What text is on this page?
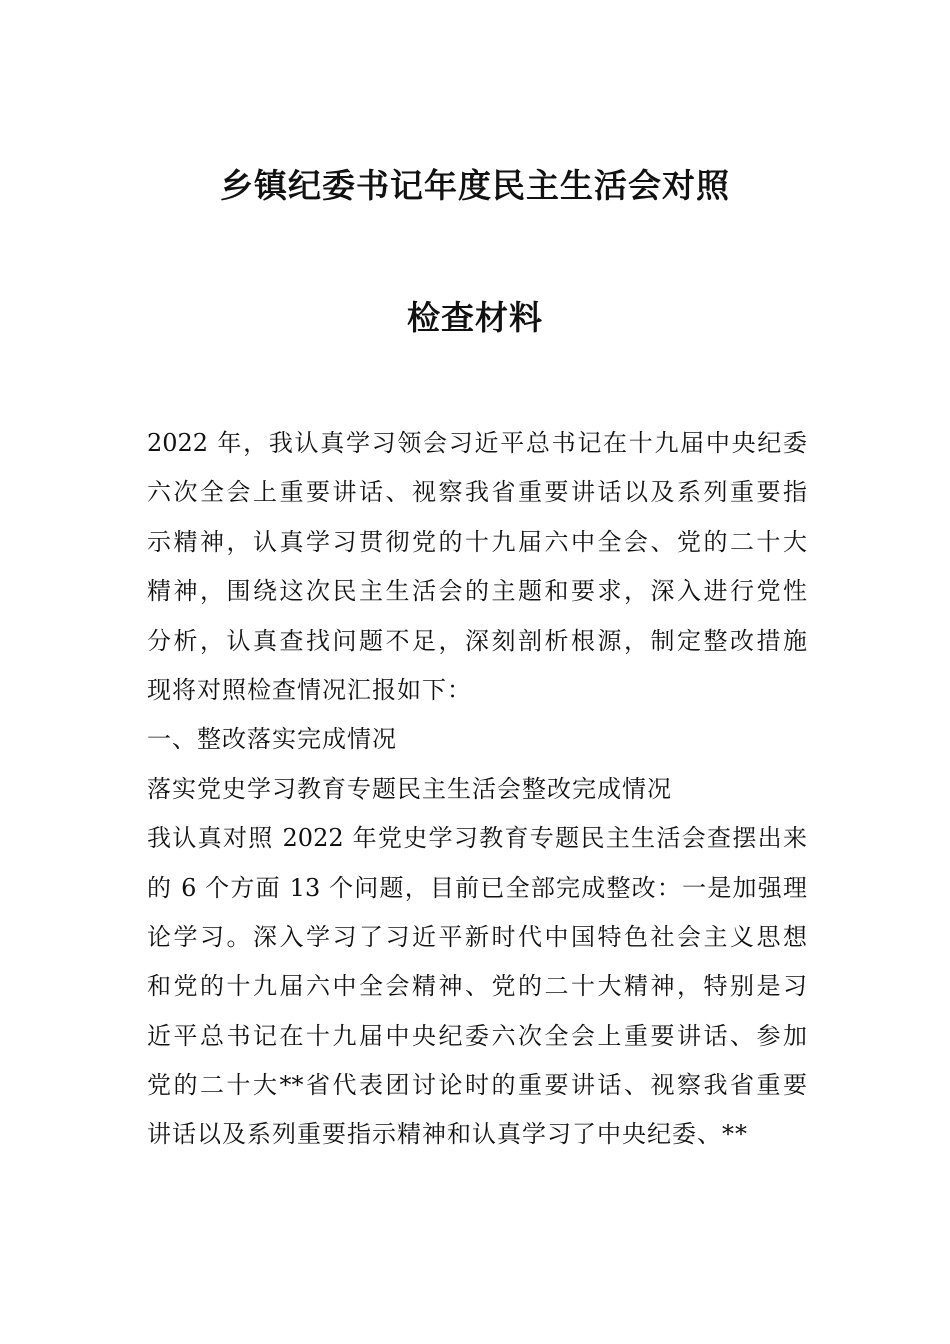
乡镇纪委书记年度民主生活会对照
检查材料
2022 年，我认真学习领会习近平总书记在十九届中央纪委
六次全会上重要讲话、视察我省重要讲话以及系列重要指
示精神，认真学习贯彻党的十九届六中全会、党的二十大
精神，围绕这次民主生活会的主题和要求，深入进行党性
分析，认真查找问题不足，深刻剖析根源，制定整改措施
现将对照检查情况汇报如下：
一、整改落实完成情况
落实党史学习教育专题民主生活会整改完成情况
我认真对照 2022 年党史学习教育专题民主生活会查摆出来
的 6 个方面 13 个问题，目前已全部完成整改：一是加强理
论学习。深入学习了习近平新时代中国特色社会主义思想
和党的十九届六中全会精神、党的二十大精神，特别是习
近平总书记在十九届中央纪委六次全会上重要讲话、参加
党的二十大**省代表团讨论时的重要讲话、视察我省重要
讲话以及系列重要指示精神和认真学习了中央纪委、**
